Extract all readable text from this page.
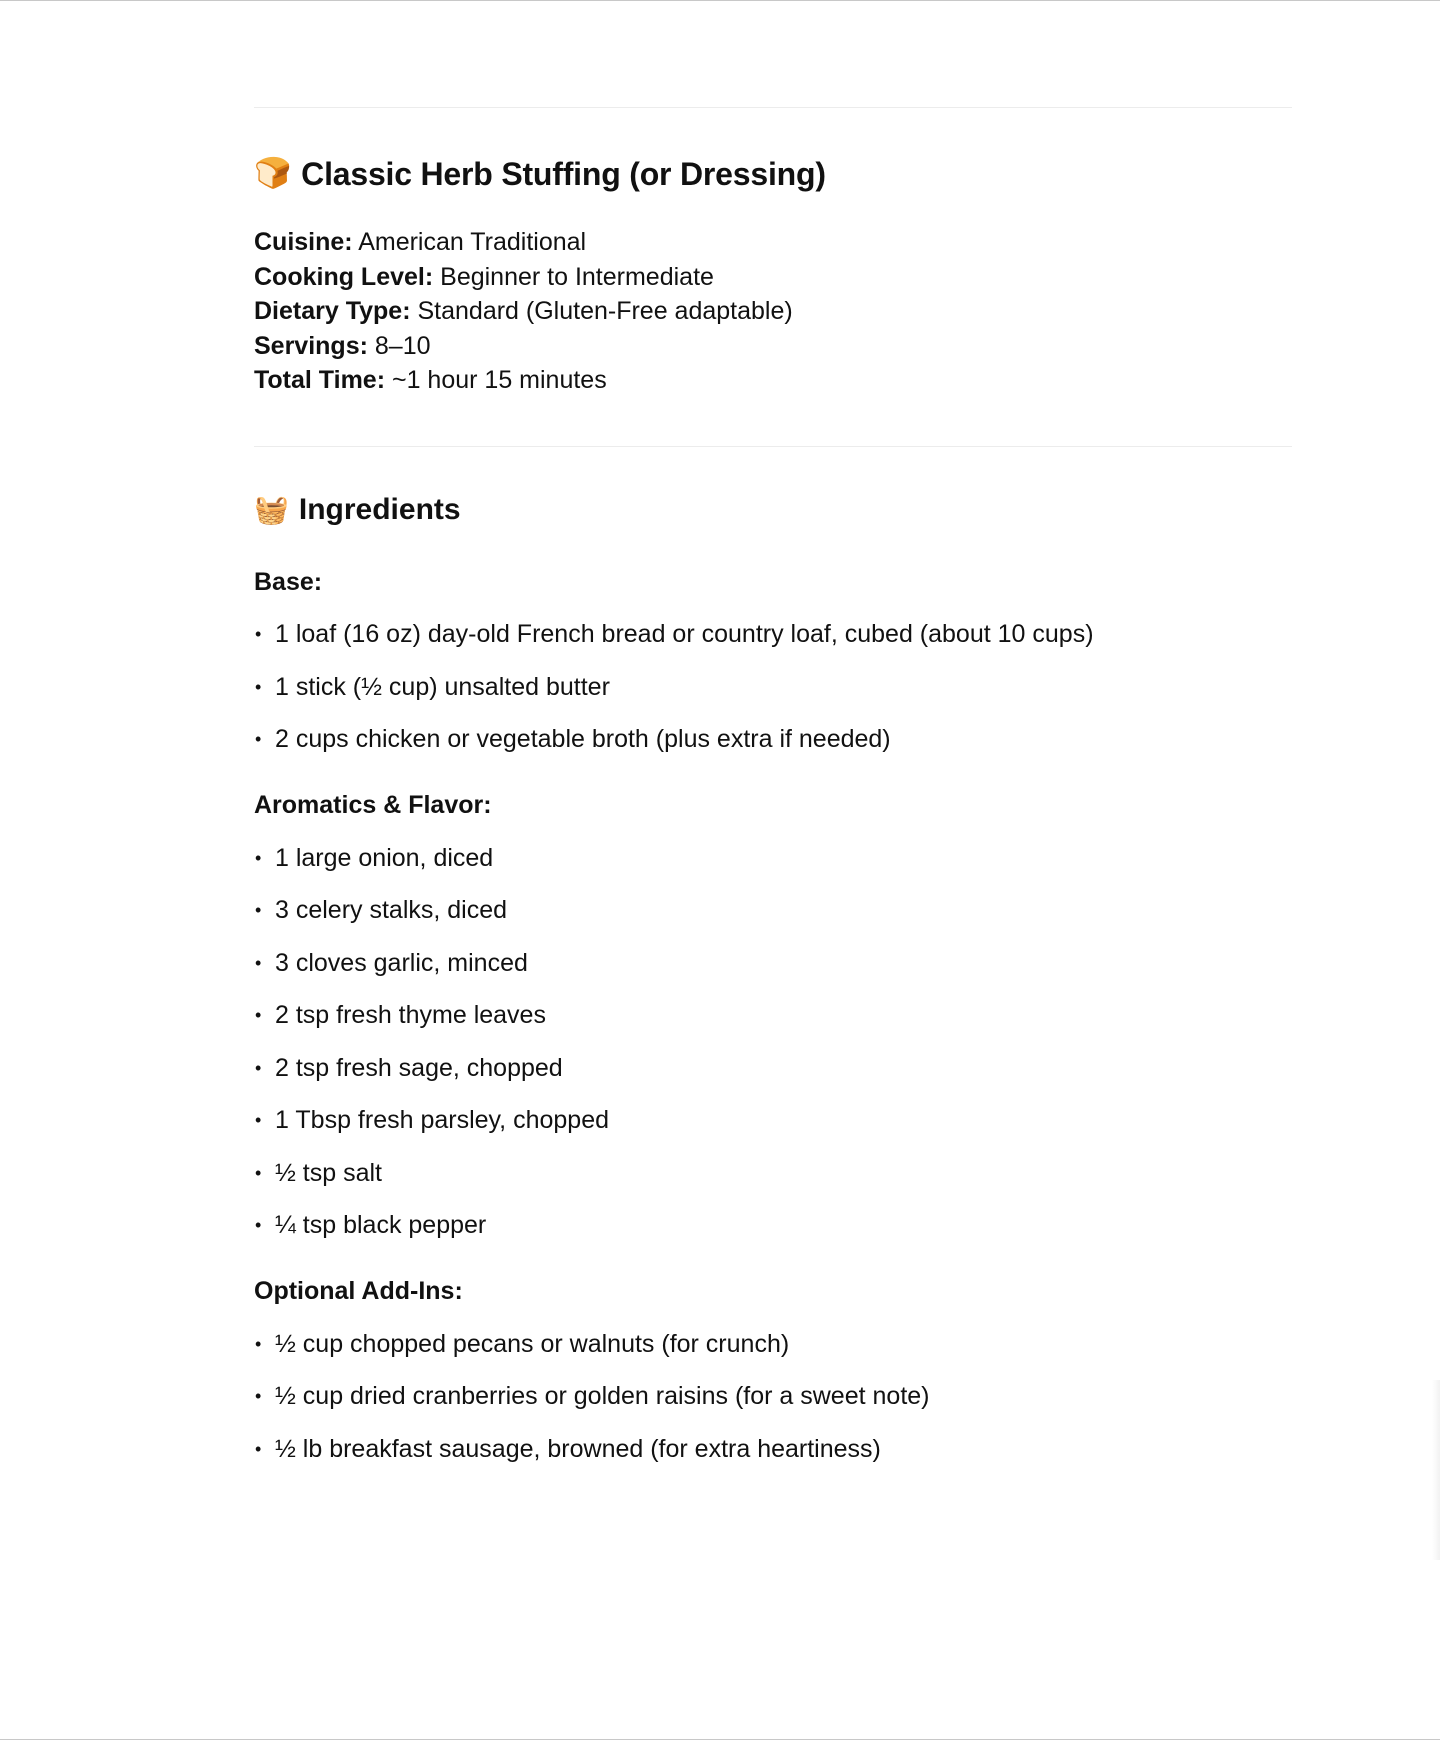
🍞 Classic Herb Stuffing (or Dressing)
Cuisine: American Traditional
Cooking Level: Beginner to Intermediate
Dietary Type: Standard (Gluten-Free adaptable)
Servings: 8–10
Total Time: ~1 hour 15 minutes
🧺 Ingredients
Base:
• 1 loaf (16 oz) day-old French bread or country loaf, cubed (about 10 cups)
• 1 stick (½ cup) unsalted butter
• 2 cups chicken or vegetable broth (plus extra if needed)
Aromatics & Flavor:
• 1 large onion, diced
• 3 celery stalks, diced
• 3 cloves garlic, minced
• 2 tsp fresh thyme leaves
• 2 tsp fresh sage, chopped
• 1 Tbsp fresh parsley, chopped
• ½ tsp salt
• ¼ tsp black pepper
Optional Add-Ins:
• ½ cup chopped pecans or walnuts (for crunch)
• ½ cup dried cranberries or golden raisins (for a sweet note)
• ½ lb breakfast sausage, browned (for extra heartiness)
